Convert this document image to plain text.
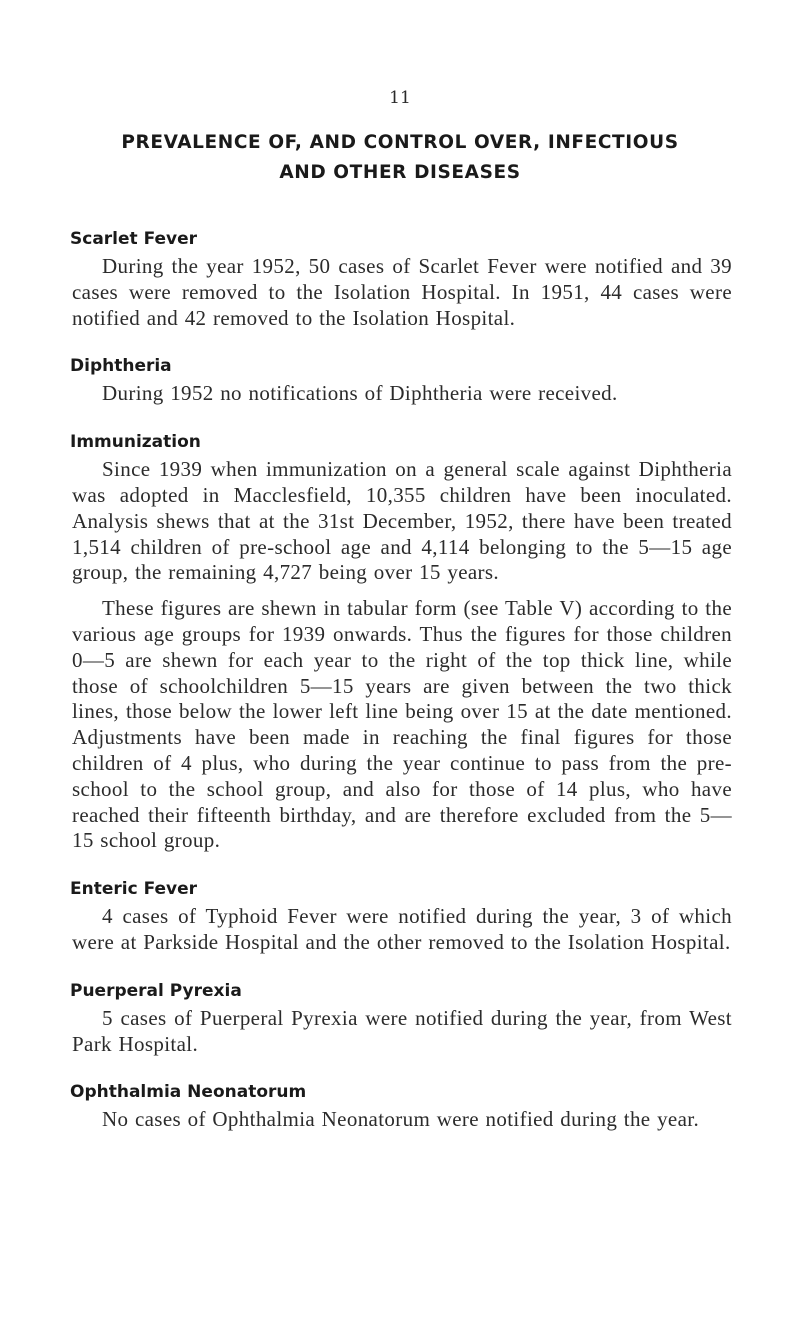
11
PREVALENCE OF, AND CONTROL OVER, INFECTIOUS
AND OTHER DISEASES
Scarlet Fever

During the year 1952, 50 cases of Scarlet Fever were notified and 39 cases were removed to the Isolation Hospital. In 1951, 44 cases were notified and 42 removed to the Isolation Hospital.

Diphtheria

During 1952 no notifications of Diphtheria were received.

Immunization

Since 1939 when immunization on a general scale against Diphtheria was adopted in Macclesfield, 10,355 children have been inoculated. Analysis shews that at the 31st December, 1952, there have been treated 1,514 children of pre-school age and 4,114 belonging to the 5—15 age group, the remaining 4,727 being over 15 years.

These figures are shewn in tabular form (see Table V) according to the various age groups for 1939 onwards. Thus the figures for those children 0—5 are shewn for each year to the right of the top thick line, while those of schoolchildren 5—15 years are given between the two thick lines, those below the lower left line being over 15 at the date mentioned. Adjustments have been made in reaching the final figures for those children of 4 plus, who during the year continue to pass from the pre-school to the school group, and also for those of 14 plus, who have reached their fifteenth birthday, and are therefore excluded from the 5—15 school group.

Enteric Fever

4 cases of Typhoid Fever were notified during the year, 3 of which were at Parkside Hospital and the other removed to the Isolation Hospital.

Puerperal Pyrexia

5 cases of Puerperal Pyrexia were notified during the year, from West Park Hospital.

Ophthalmia Neonatorum

No cases of Ophthalmia Neonatorum were notified during the year.
